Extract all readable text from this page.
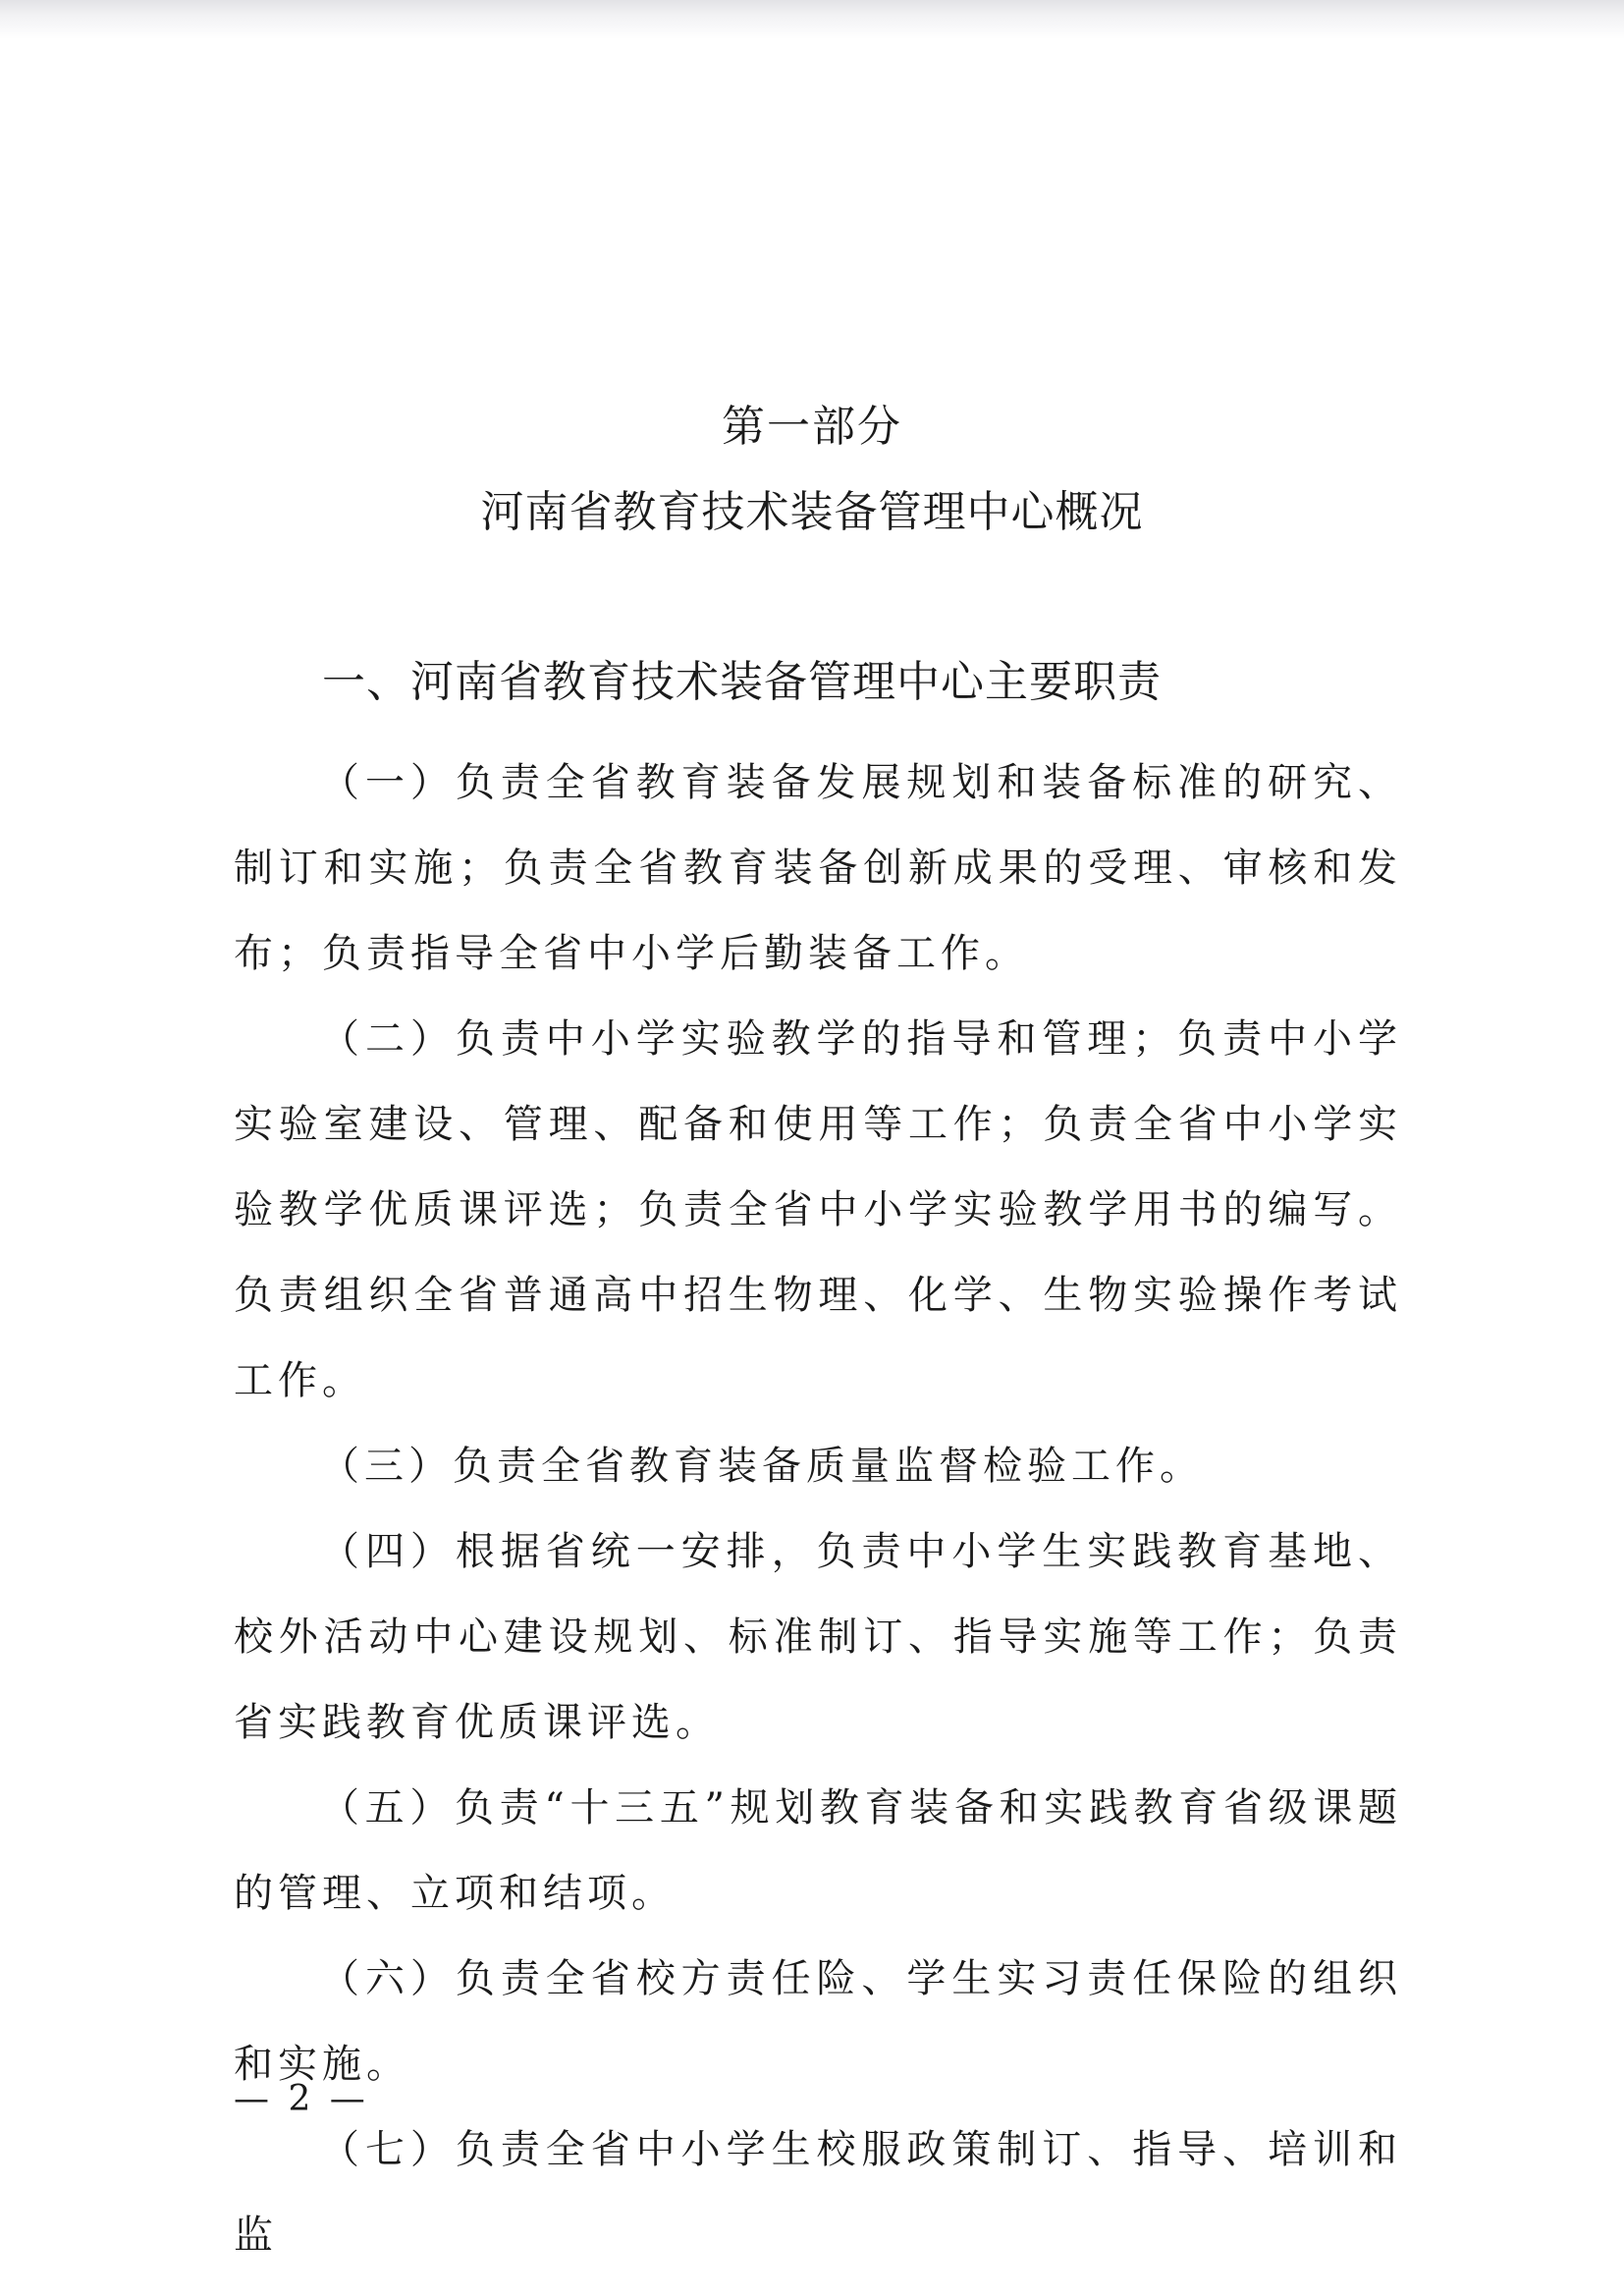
第一部分
河南省教育技术装备管理中心概况
一、河南省教育技术装备管理中心主要职责

（一）负责全省教育装备发展规划和装备标准的研究、制订和实施；负责全省教育装备创新成果的受理、审核和发布；负责指导全省中小学后勤装备工作。

（二）负责中小学实验教学的指导和管理；负责中小学实验室建设、管理、配备和使用等工作；负责全省中小学实验教学优质课评选；负责全省中小学实验教学用书的编写。负责组织全省普通高中招生物理、化学、生物实验操作考试工作。

（三）负责全省教育装备质量监督检验工作。

（四）根据省统一安排，负责中小学生实践教育基地、校外活动中心建设规划、标准制订、指导实施等工作；负责省实践教育优质课评选。

（五）负责“十三五”规划教育装备和实践教育省级课题的管理、立项和结项。

（六）负责全省校方责任险、学生实习责任保险的组织和实施。

（七）负责全省中小学生校服政策制订、指导、培训和监

— 2 —
